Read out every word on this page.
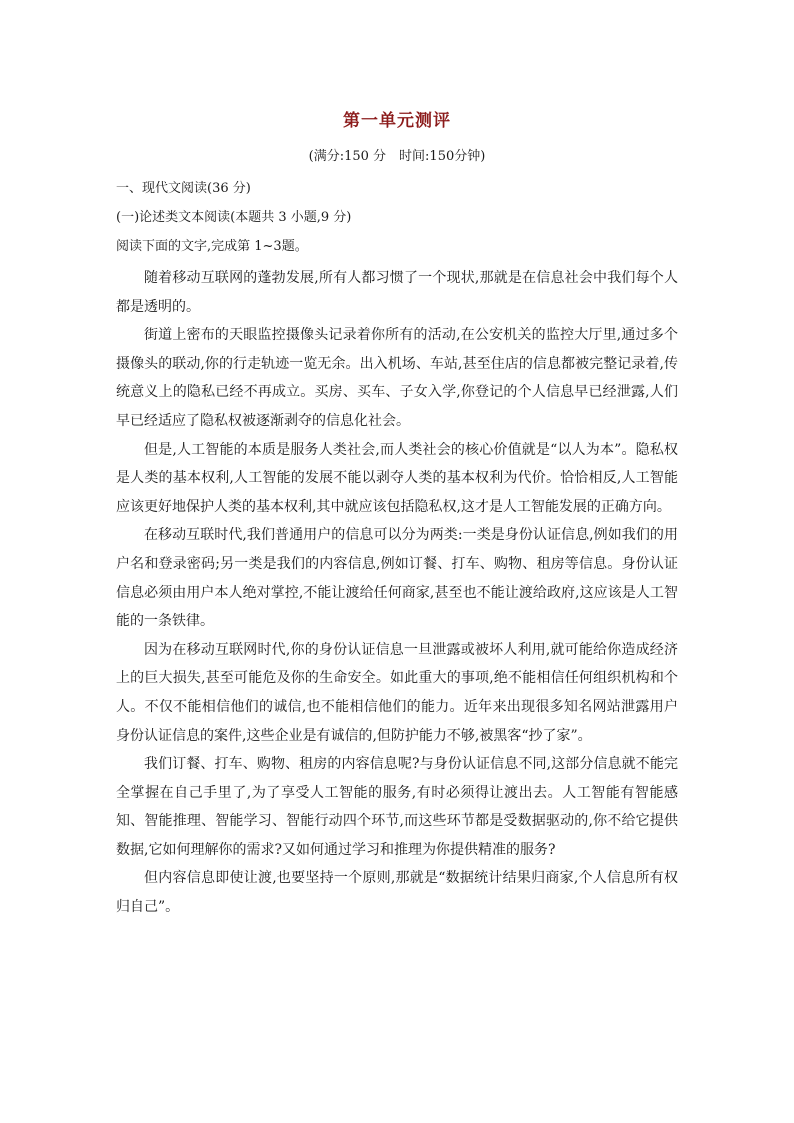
第一单元测评
(满分:150 分　时间:150分钟)
一、现代文阅读(36 分)
(一)论述类文本阅读(本题共 3 小题,9 分)
阅读下面的文字,完成第 1~3题。

随着移动互联网的蓬勃发展,所有人都习惯了一个现状,那就是在信息社会中我们每个人都是透明的。

街道上密布的天眼监控摄像头记录着你所有的活动,在公安机关的监控大厅里,通过多个摄像头的联动,你的行走轨迹一览无余。出入机场、车站,甚至住店的信息都被完整记录着,传统意义上的隐私已经不再成立。买房、买车、子女入学,你登记的个人信息早已经泄露,人们早已经适应了隐私权被逐渐剥夺的信息化社会。

但是,人工智能的本质是服务人类社会,而人类社会的核心价值就是“以人为本”。隐私权是人类的基本权利,人工智能的发展不能以剥夺人类的基本权利为代价。恰恰相反,人工智能应该更好地保护人类的基本权利,其中就应该包括隐私权,这才是人工智能发展的正确方向。

在移动互联时代,我们普通用户的信息可以分为两类:一类是身份认证信息,例如我们的用户名和登录密码;另一类是我们的内容信息,例如订餐、打车、购物、租房等信息。身份认证信息必须由用户本人绝对掌控,不能让渡给任何商家,甚至也不能让渡给政府,这应该是人工智能的一条铁律。

因为在移动互联网时代,你的身份认证信息一旦泄露或被坏人利用,就可能给你造成经济上的巨大损失,甚至可能危及你的生命安全。如此重大的事项,绝不能相信任何组织机构和个人。不仅不能相信他们的诚信,也不能相信他们的能力。近年来出现很多知名网站泄露用户身份认证信息的案件,这些企业是有诚信的,但防护能力不够,被黑客“抄了家”。

我们订餐、打车、购物、租房的内容信息呢?与身份认证信息不同,这部分信息就不能完全掌握在自己手里了,为了享受人工智能的服务,有时必须得让渡出去。人工智能有智能感知、智能推理、智能学习、智能行动四个环节,而这些环节都是受数据驱动的,你不给它提供数据,它如何理解你的需求?又如何通过学习和推理为你提供精准的服务?

但内容信息即使让渡,也要坚持一个原则,那就是“数据统计结果归商家,个人信息所有权归自己”。
